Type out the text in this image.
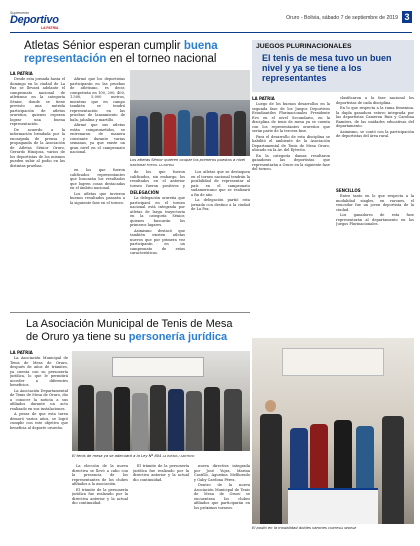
Suplemento
Deportivo
LA PATRIA
Oruro - Bolivia, sábado 7 de septiembre de 2019 3
Atletas Sénior esperan cumplir buena
representación en el torneo nacional
LA PATRIA

Desde esta jornada hasta el domingo en la ciudad de La Paz se llevará adelante el campeonato nacional de atletismo en la categoría Sénior, donde se tiene previsto una nutrida participación de atletas orureños, quienes esperan lograr una buena representación.

De acuerdo a la información brindada por la encargada de prensa y propaganda de la Asociación de Atletas Sénior Oruro, Gerardo Hinojosa, varios de los deportistas de los mismos pueden subir al podio en las distintas pruebas.

Afirmó que los deportistas participarán en las pruebas de atletismo, es decir, competirán en 100, 200, 400, 1.500, 5.000 metros, mientras que en campo también se tendrá representación en las pruebas de lanzamiento de bala, jabalina y martillo.

Afirmó que sus atletas están comprometidos, se entrenaron de manera constante durante varias semanas, ya que existe un gran nivel en el campeonato nacional.

en los que fueron calificados representantes que buscarán los resultados que logren cosas destacadas en el ámbito nacional.

Los atletas que tuvieron buenos resultados pasarán a la siguiente fase en el torneo.

Los atletas Sénior quieren ocupar los primeros puestos a nivel nacional FOTOS: LA PATRIA

de los que fueron calificados, sin embargo, los resultados en el anterior torneo fueron positivos y

DELEGACIÓN

La delegación orureña que participará en el torneo nacional está integrada por atletas de larga trayectoria en la categoría Sénior, quienes buscarán los primeros lugares.

Asimismo destacó que también existen atletas nuevos que por primera vez participarán en un campeonato de estas características.

Los atletas que se destaquen en el torneo nacional tendrán la posibilidad de representar al país en el campeonato sudamericano que se realizará a fin de año.

La delegación partió esta jornada con destino a la ciudad de La Paz.

JUEGOS PLURINACIONALES
El tenis de mesa tuvo un buen nivel y ya se tiene a los representantes
LA PATRIA

Luego de los buenos desarrollos en la segunda fase de los Juegos Deportivos Estudiantiles Plurinacionales Presidente Evo en el nivel Secundario, en la disciplina de tenis de mesa ya se cuenta con los representantes orureños que serán parte de la tercera fase.

Para el desarrollo de esta disciplina se habilitó el ambiente de la Asociación Departamental de Tenis de Mesa Oruro, ubicado en la Av. del Ejército.

En la categoría damas resultaron ganadoras las deportistas que representarán a Oruro en la siguiente fase del torneo.

clasificaron a la fase nacional los deportistas de cada disciplina.

En lo que respecta a la rama femenina, la dupla ganadora estuvo integrada por las deportistas Cameron Ruiz y Carolina Ramírez, de las unidades educativas del departamento.

Asimismo, se contó con la participación de deportistas del área rural.

SENCILLOS

Entre tanto en lo que respecta a la modalidad singles, en varones, el vencedor fue un joven deportista de la ciudad.

Los ganadores de esta fase representarán al departamento en los Juegos Plurinacionales.

El podio en la modalidad dobles varones CORTESÍA SEDEGE
La Asociación Municipal de Tenis de Mesa
de Oruro ya tiene su personería jurídica
LA PATRIA

La Asociación Municipal de Tenis de Mesa de Oruro, después de años de trámites, ya cuenta con su personería jurídica, lo que le permitirá acceder a diferentes beneficios.

La Asociación Departamental de Tenis de Mesa de Oruro, dio a conocer la noticia a sus afiliados durante un acto realizado en sus instalaciones.

A pesar de que esta tarea demoró varios años, se logró cumplir con este objetivo que beneficia al deporte orureño.

El tenis de mesa ya se adecuará a la Ley Nº 804 LA PATRIA / ARCHIVO

La elección de la nueva directiva se llevó a cabo con la presencia de los representantes de los clubes afiliados a la asociación.

El trámite de la personería jurídica fue realizado por la directiva anterior y la actual dio continuidad.

El trámite de la personería jurídica fue realizado por la directiva anterior y la actual dio continuidad.

nueva directiva integrada por José Yujra, Marina Castillo, Agustina Melfiorado y Gaby Cardona Pérez.

Dentro de la nueva Asociación Municipal de Tenis de Mesa de Oruro se encuentran los clubes afiliados que participarán en los próximos torneos.
